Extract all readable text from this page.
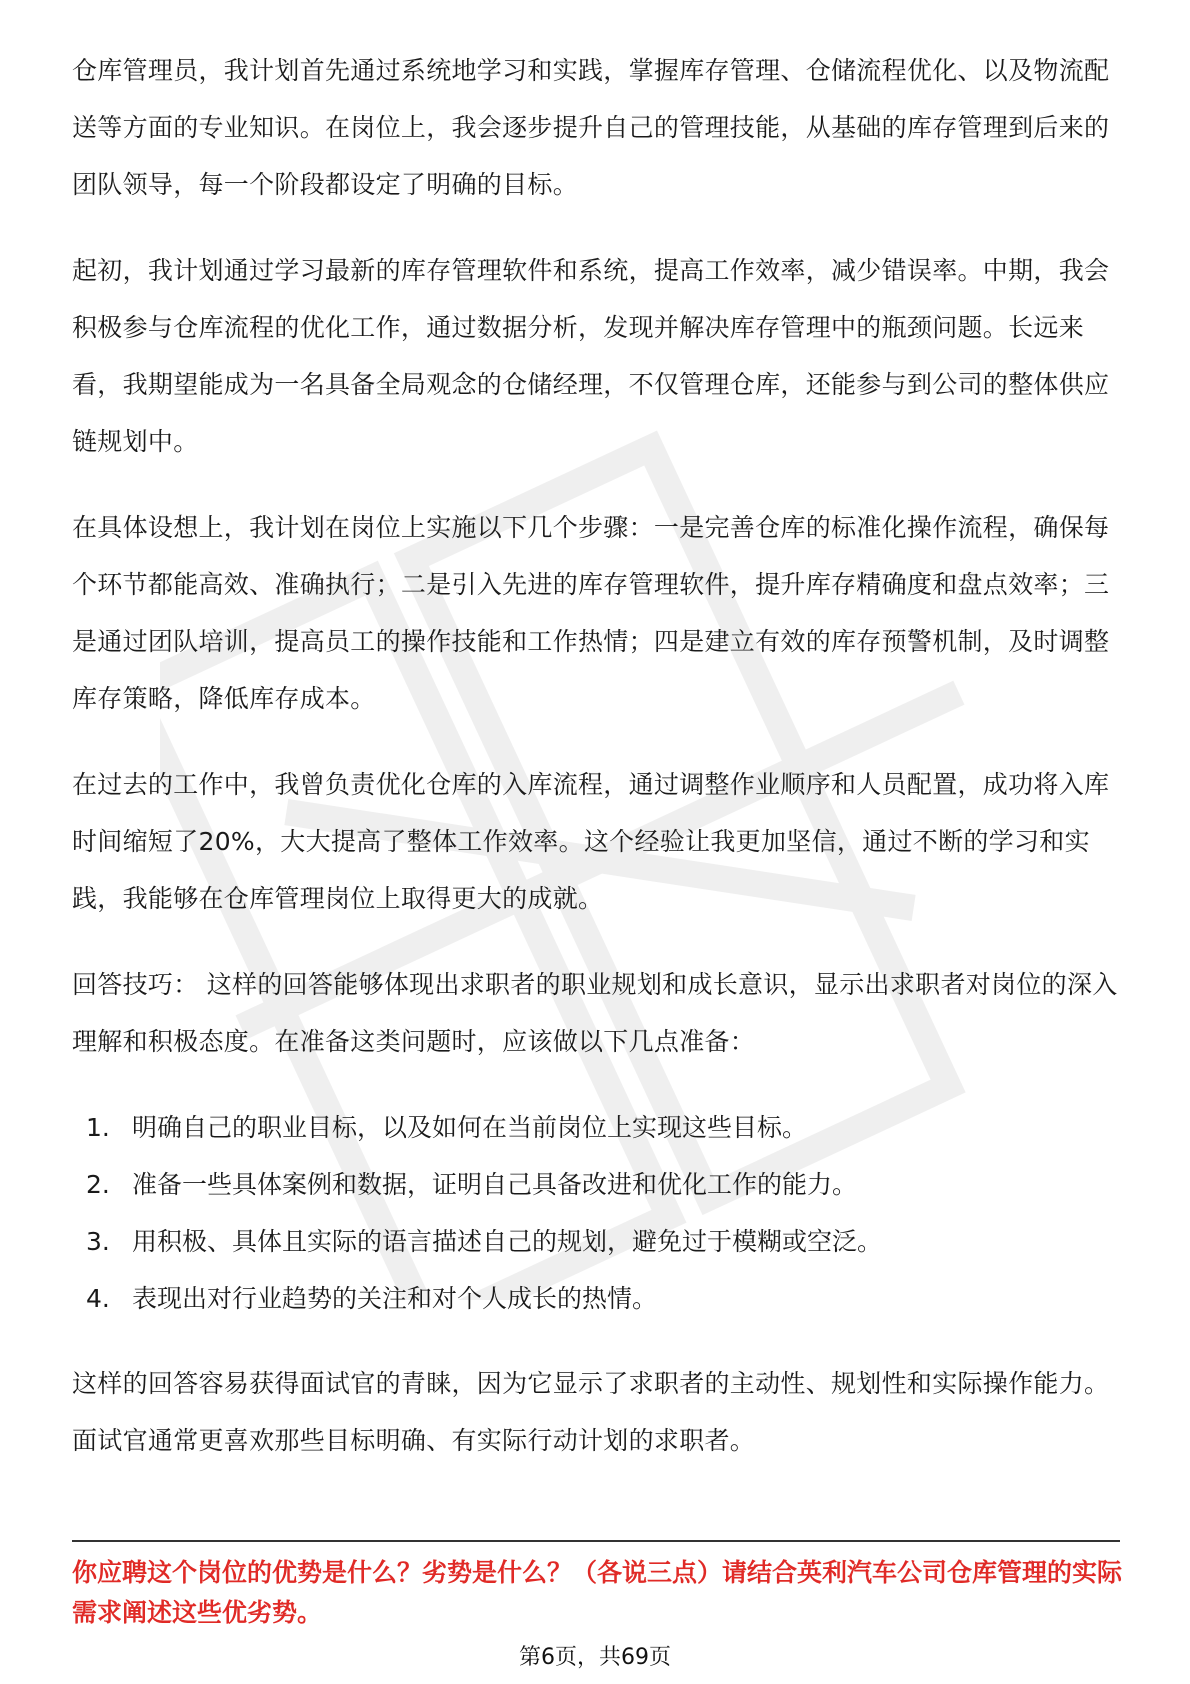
仓库管理员，我计划首先通过系统地学习和实践，掌握库存管理、仓储流程优化、以及物流配送等方面的专业知识。在岗位上，我会逐步提升自己的管理技能，从基础的库存管理到后来的团队领导，每一个阶段都设定了明确的目标。

起初，我计划通过学习最新的库存管理软件和系统，提高工作效率，减少错误率。中期，我会积极参与仓库流程的优化工作，通过数据分析，发现并解决库存管理中的瓶颈问题。长远来看，我期望能成为一名具备全局观念的仓储经理，不仅管理仓库，还能参与到公司的整体供应链规划中。

在具体设想上，我计划在岗位上实施以下几个步骤：一是完善仓库的标准化操作流程，确保每个环节都能高效、准确执行；二是引入先进的库存管理软件，提升库存精确度和盘点效率；三是通过团队培训，提高员工的操作技能和工作热情；四是建立有效的库存预警机制，及时调整库存策略，降低库存成本。

在过去的工作中，我曾负责优化仓库的入库流程，通过调整作业顺序和人员配置，成功将入库时间缩短了20%，大大提高了整体工作效率。这个经验让我更加坚信，通过不断的学习和实践，我能够在仓库管理岗位上取得更大的成就。

回答技巧： 这样的回答能够体现出求职者的职业规划和成长意识，显示出求职者对岗位的深入理解和积极态度。在准备这类问题时，应该做以下几点准备：

1. 明确自己的职业目标，以及如何在当前岗位上实现这些目标。
2. 准备一些具体案例和数据，证明自己具备改进和优化工作的能力。
3. 用积极、具体且实际的语言描述自己的规划，避免过于模糊或空泛。
4. 表现出对行业趋势的关注和对个人成长的热情。

这样的回答容易获得面试官的青睐，因为它显示了求职者的主动性、规划性和实际操作能力。面试官通常更喜欢那些目标明确、有实际行动计划的求职者。

你应聘这个岗位的优势是什么？劣势是什么？（各说三点）请结合英利汽车公司仓库管理的实际需求阐述这些优劣势。

第6页，共69页
